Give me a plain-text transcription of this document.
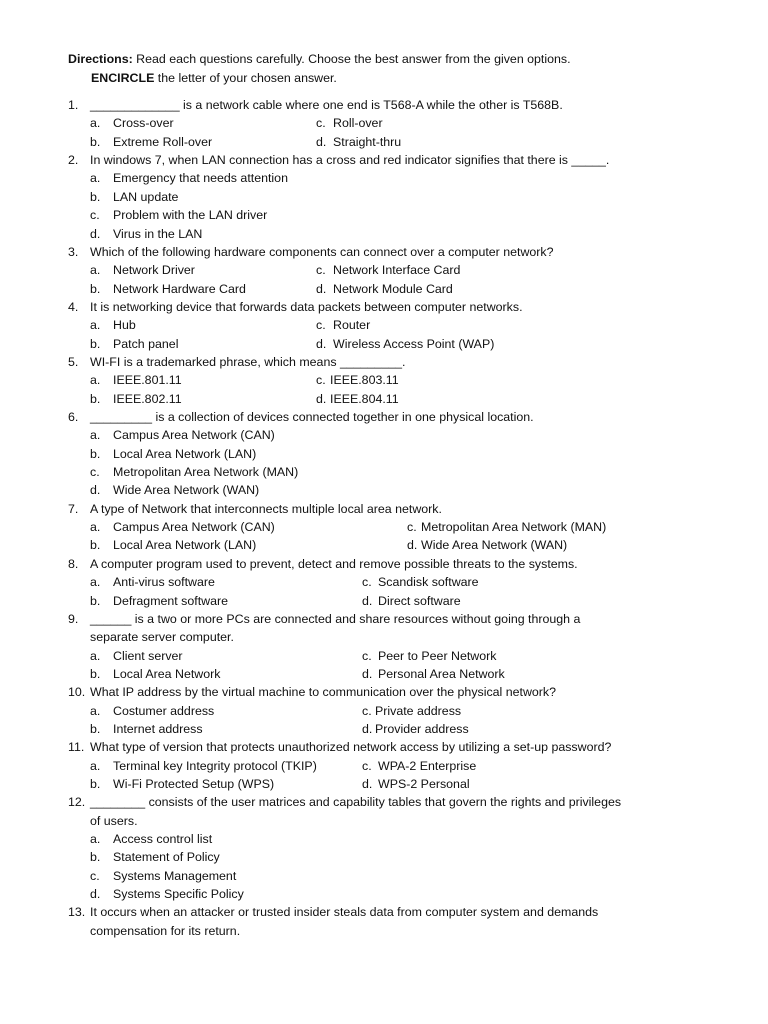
Directions: Read each questions carefully. Choose the best answer from the given options.
ENCIRCLE the letter of your chosen answer.
1. _____________ is a network cable where one end is T568-A while the other is T568B.
a. Cross-over	c. Roll-over
b. Extreme Roll-over	d. Straight-thru
2. In windows 7, when LAN connection has a cross and red indicator signifies that there is _____.
a. Emergency that needs attention
b. LAN update
c. Problem with the LAN driver
d. Virus in the LAN
3. Which of the following hardware components can connect over a computer network?
a. Network Driver	c. Network Interface Card
b. Network Hardware Card	d. Network Module Card
4. It is networking device that forwards data packets between computer networks.
a. Hub	c. Router
b. Patch panel	d. Wireless Access Point (WAP)
5. WI-FI is a trademarked phrase, which means _________.
a. IEEE.801.11	c. IEEE.803.11
b. IEEE.802.11	d. IEEE.804.11
6. _________ is a collection of devices connected together in one physical location.
a. Campus Area Network (CAN)
b. Local Area Network (LAN)
c. Metropolitan Area Network (MAN)
d. Wide Area Network (WAN)
7. A type of Network that interconnects multiple local area network.
a. Campus Area Network (CAN)	c. Metropolitan Area Network (MAN)
b. Local Area Network (LAN)	d. Wide Area Network (WAN)
8. A computer program used to prevent, detect and remove possible threats to the systems.
a. Anti-virus software	c. Scandisk software
b. Defragment software	d. Direct software
9. ______ is a two or more PCs are connected and share resources without going through a
separate server computer.
a. Client server	c. Peer to Peer Network
b. Local Area Network	d. Personal Area Network
10. What IP address by the virtual machine to communication over the physical network?
a. Costumer address	c. Private address
b. Internet address	d. Provider address
11. What type of version that protects unauthorized network access by utilizing a set-up password?
a. Terminal key Integrity protocol (TKIP)	c. WPA-2 Enterprise
b. Wi-Fi Protected Setup (WPS)	d. WPS-2 Personal
12. ________ consists of the user matrices and capability tables that govern the rights and privileges
of users.
a. Access control list
b. Statement of Policy
c. Systems Management
d. Systems Specific Policy
13. It occurs when an attacker or trusted insider steals data from computer system and demands
compensation for its return.
